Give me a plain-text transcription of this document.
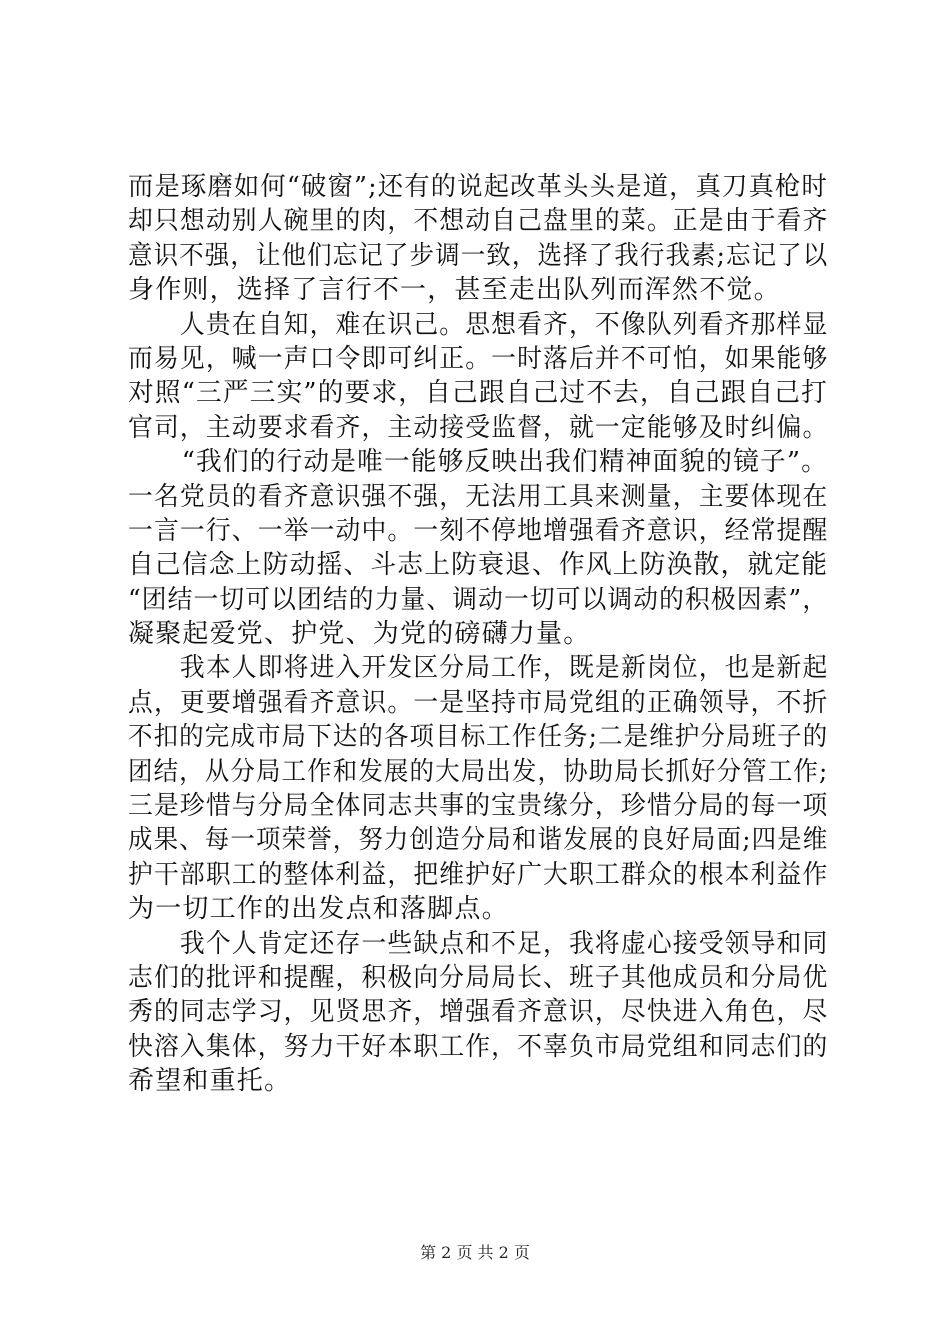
而是琢磨如何“破窗”;还有的说起改革头头是道，真刀真枪时
却只想动别人碗里的肉，不想动自己盘里的菜。正是由于看齐
意识不强，让他们忘记了步调一致，选择了我行我素;忘记了以
身作则，选择了言行不一，甚至走出队列而浑然不觉。
　　人贵在自知，难在识己。思想看齐，不像队列看齐那样显
而易见，喊一声口令即可纠正。一时落后并不可怕，如果能够
对照“三严三实”的要求，自己跟自己过不去，自己跟自己打
官司，主动要求看齐，主动接受监督，就一定能够及时纠偏。
　　“我们的行动是唯一能够反映出我们精神面貌的镜子”。
一名党员的看齐意识强不强，无法用工具来测量，主要体现在
一言一行、一举一动中。一刻不停地增强看齐意识，经常提醒
自己信念上防动摇、斗志上防衰退、作风上防涣散，就定能
“团结一切可以团结的力量、调动一切可以调动的积极因素”，
凝聚起爱党、护党、为党的磅礴力量。
　　我本人即将进入开发区分局工作，既是新岗位，也是新起
点，更要增强看齐意识。一是坚持市局党组的正确领导，不折
不扣的完成市局下达的各项目标工作任务;二是维护分局班子的
团结，从分局工作和发展的大局出发，协助局长抓好分管工作;
三是珍惜与分局全体同志共事的宝贵缘分，珍惜分局的每一项
成果、每一项荣誉，努力创造分局和谐发展的良好局面;四是维
护干部职工的整体利益，把维护好广大职工群众的根本利益作
为一切工作的出发点和落脚点。
　　我个人肯定还存一些缺点和不足，我将虚心接受领导和同
志们的批评和提醒，积极向分局局长、班子其他成员和分局优
秀的同志学习，见贤思齐，增强看齐意识，尽快进入角色，尽
快溶入集体，努力干好本职工作，不辜负市局党组和同志们的
希望和重托。
第 2 页 共 2 页
